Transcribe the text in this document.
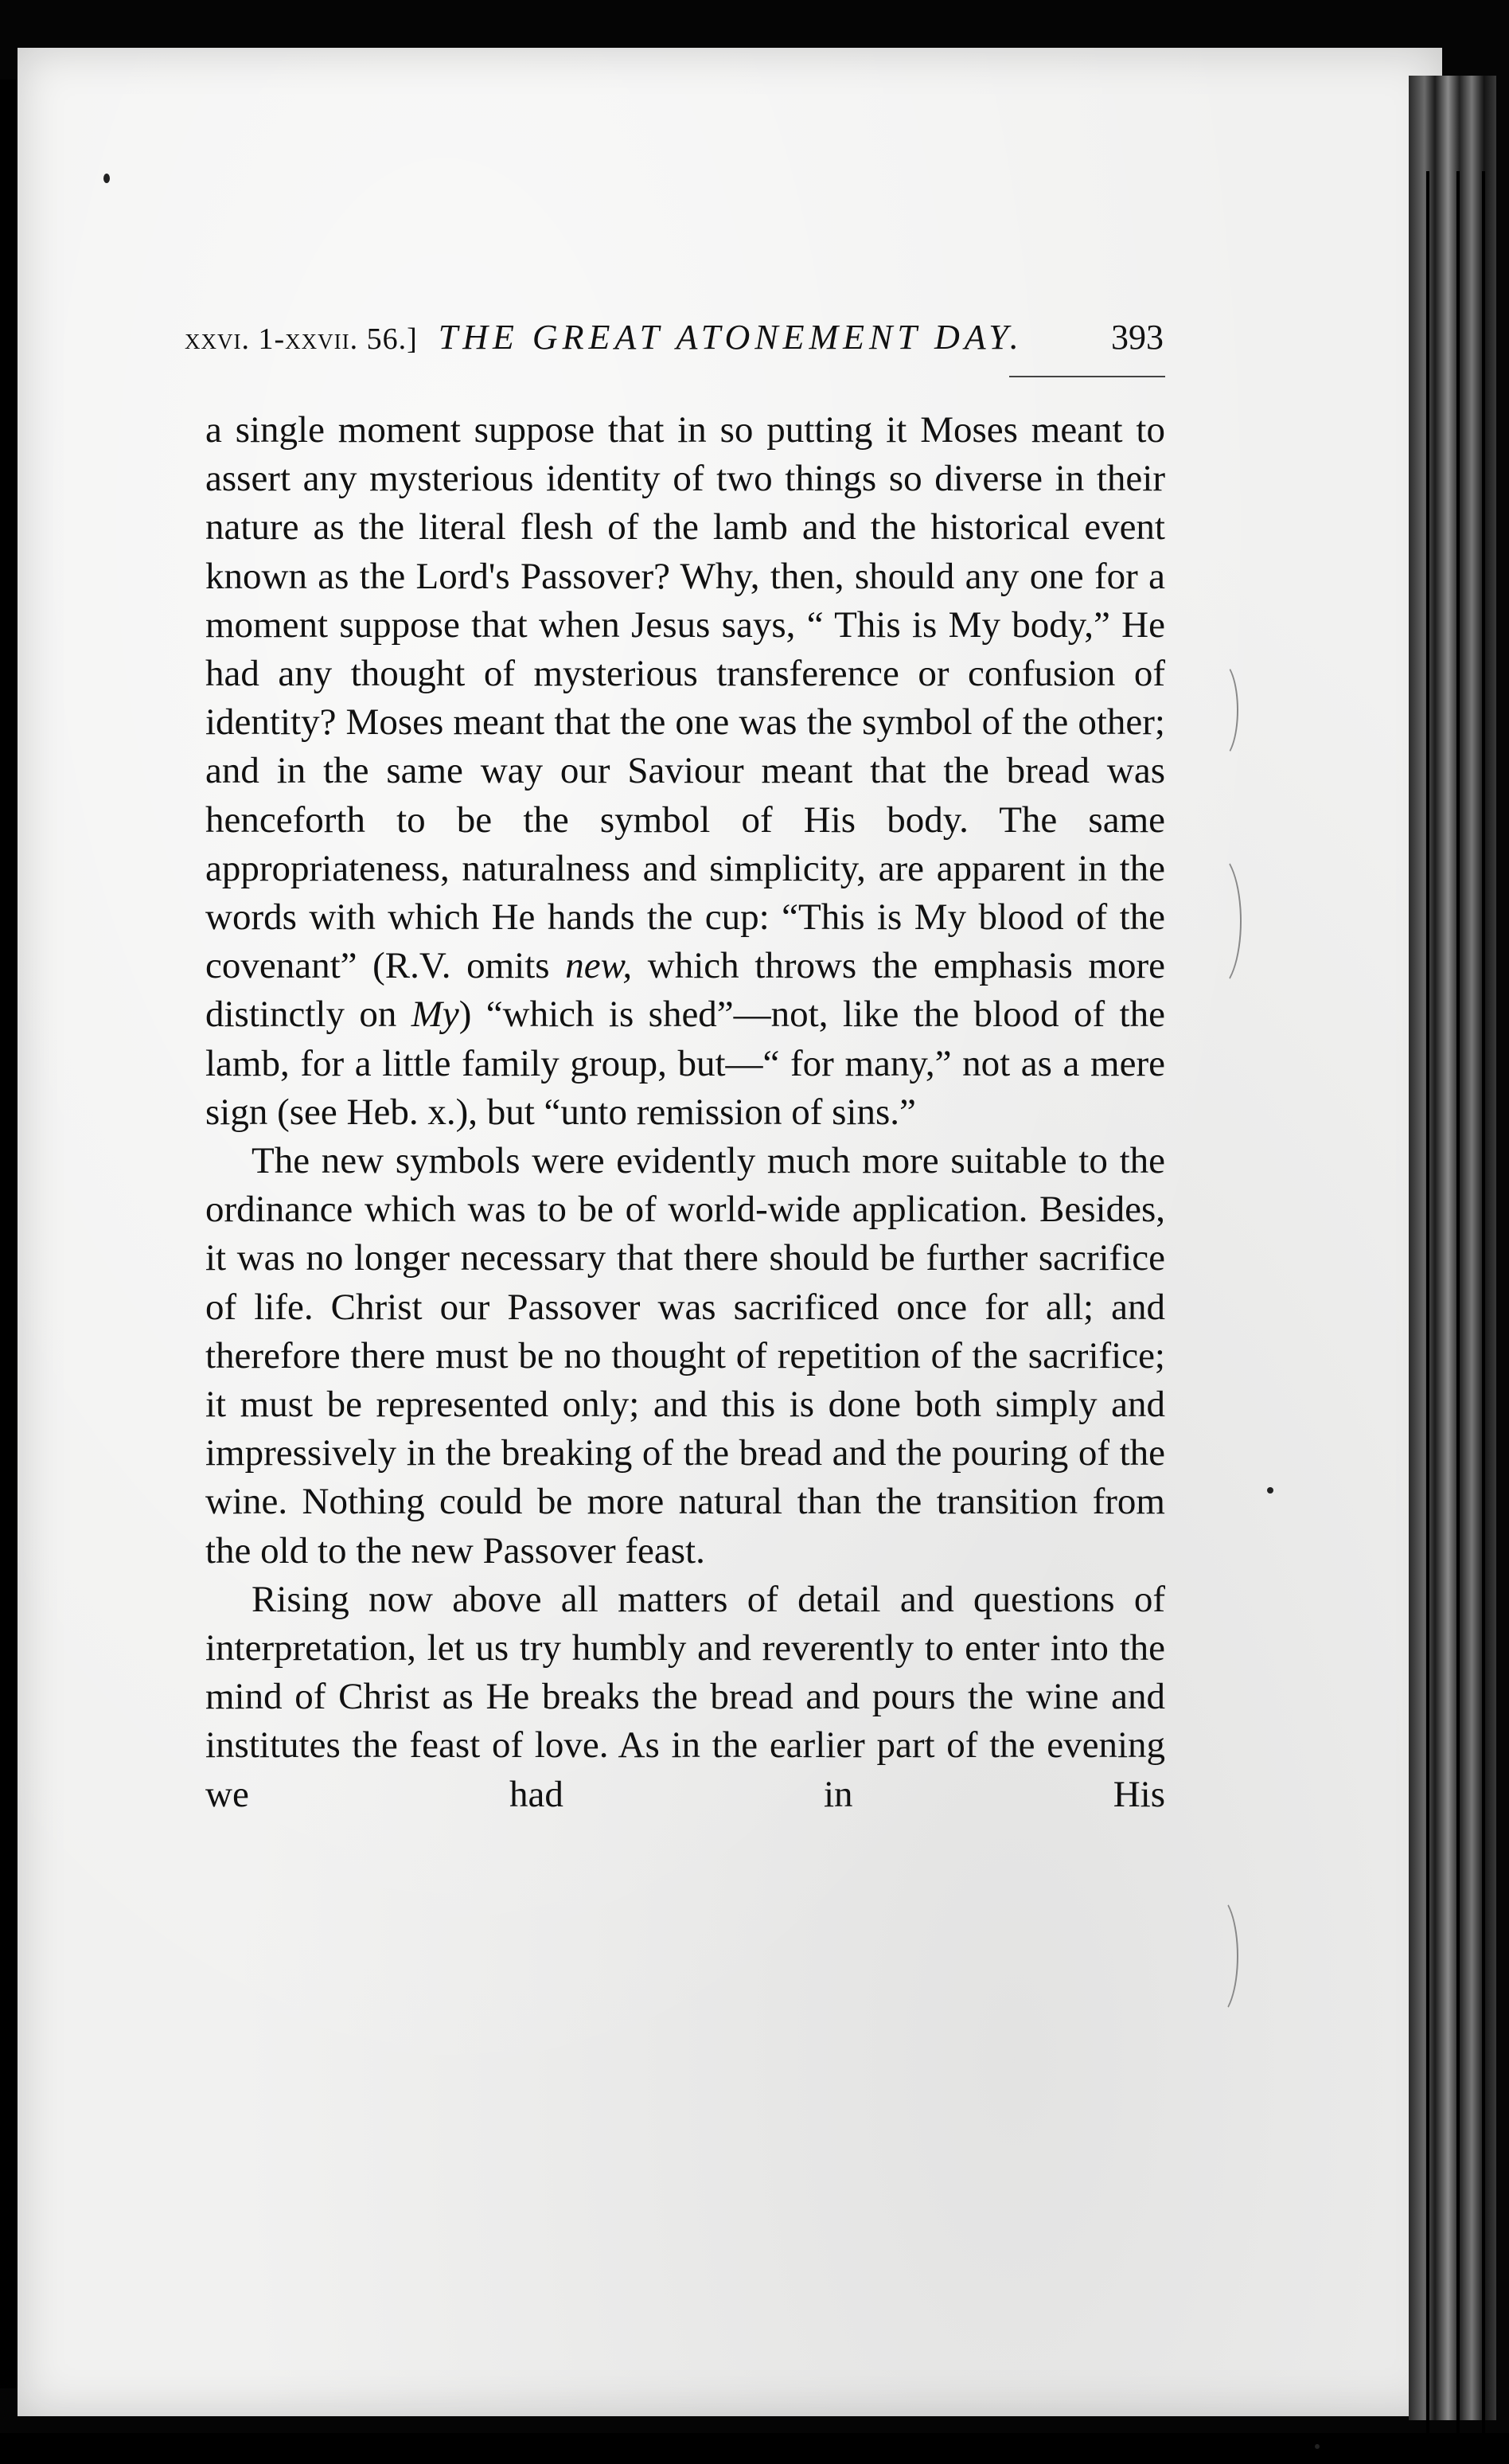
xxvi. 1-xxvii. 56.] THE GREAT ATONEMENT DAY.	393

a single moment suppose that in so putting it Moses meant to assert any mysterious identity of two things so diverse in their nature as the literal flesh of the lamb and the historical event known as the Lord's Passover? Why, then, should any one for a moment suppose that when Jesus says, “ This is My body,” He had any thought of mysterious transference or confusion of identity? Moses meant that the one was the symbol of the other; and in the same way our Saviour meant that the bread was henceforth to be the symbol of His body. The same appropriateness, naturalness and simplicity, are apparent in the words with which He hands the cup: “This is My blood of the covenant” (R.V. omits new, which throws the emphasis more distinctly on My) “which is shed”—not, like the blood of the lamb, for a little family group, but—“ for many,” not as a mere sign (see Heb. x.), but “unto remission of sins.”

The new symbols were evidently much more suitable to the ordinance which was to be of world-wide application. Besides, it was no longer necessary that there should be further sacrifice of life. Christ our Passover was sacrificed once for all; and therefore there must be no thought of repetition of the sacrifice; it must be represented only; and this is done both simply and impressively in the breaking of the bread and the pouring of the wine. Nothing could be more natural than the transition from the old to the new Passover feast.

Rising now above all matters of detail and questions of interpretation, let us try humbly and reverently to enter into the mind of Christ as He breaks the bread and pours the wine and institutes the feast of love. As in the earlier part of the evening we had in His
